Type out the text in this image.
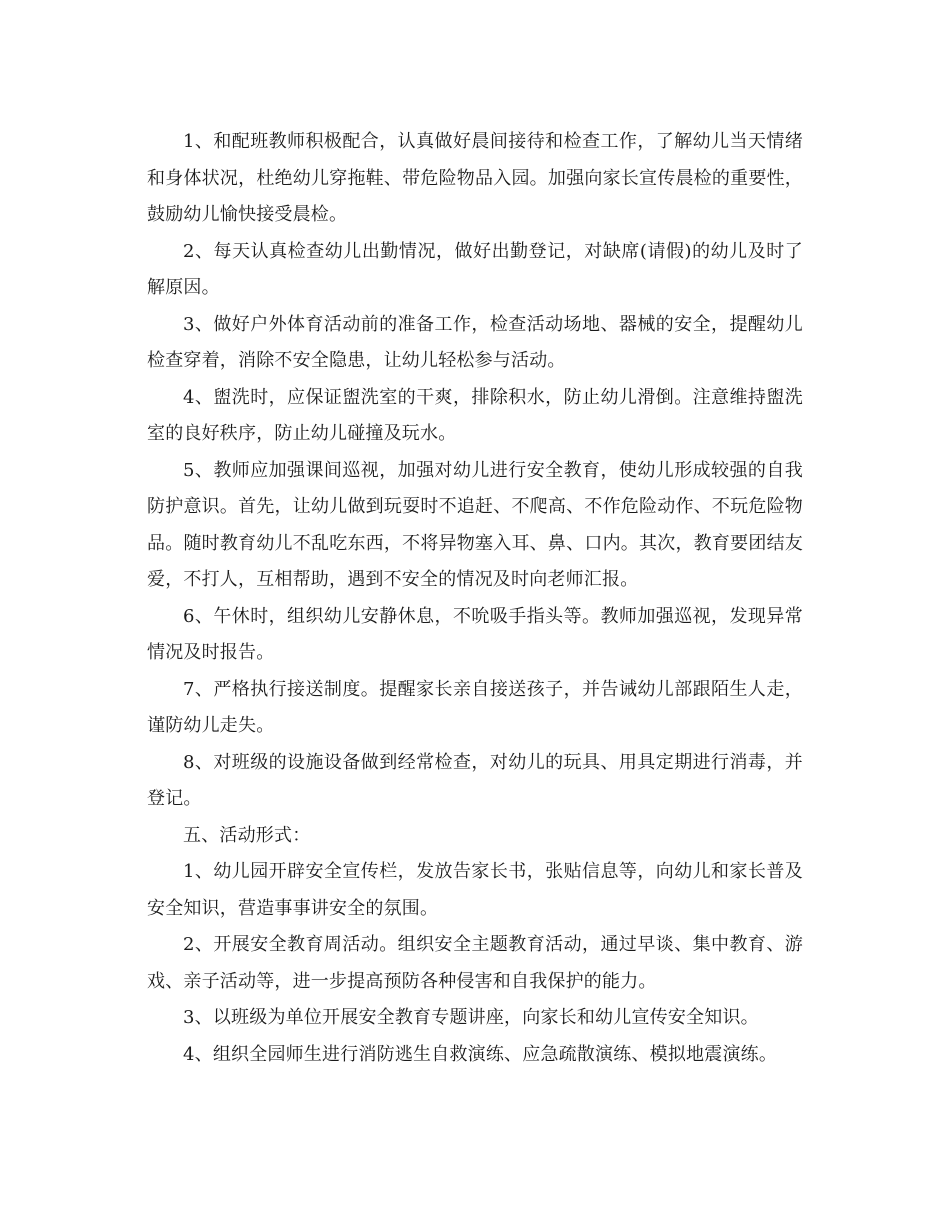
1、和配班教师积极配合，认真做好晨间接待和检查工作，了解幼儿当天情绪和身体状况，杜绝幼儿穿拖鞋、带危险物品入园。加强向家长宣传晨检的重要性，鼓励幼儿愉快接受晨检。

2、每天认真检查幼儿出勤情况，做好出勤登记，对缺席(请假)的幼儿及时了解原因。

3、做好户外体育活动前的准备工作，检查活动场地、器械的安全，提醒幼儿检查穿着，消除不安全隐患，让幼儿轻松参与活动。

4、盥洗时，应保证盥洗室的干爽，排除积水，防止幼儿滑倒。注意维持盥洗室的良好秩序，防止幼儿碰撞及玩水。

5、教师应加强课间巡视，加强对幼儿进行安全教育，使幼儿形成较强的自我防护意识。首先，让幼儿做到玩耍时不追赶、不爬高、不作危险动作、不玩危险物品。随时教育幼儿不乱吃东西，不将异物塞入耳、鼻、口内。其次，教育要团结友爱，不打人，互相帮助，遇到不安全的情况及时向老师汇报。

6、午休时，组织幼儿安静休息，不吮吸手指头等。教师加强巡视，发现异常情况及时报告。

7、严格执行接送制度。提醒家长亲自接送孩子，并告诫幼儿部跟陌生人走，谨防幼儿走失。

8、对班级的设施设备做到经常检查，对幼儿的玩具、用具定期进行消毒，并登记。

五、活动形式：

1、幼儿园开辟安全宣传栏，发放告家长书，张贴信息等，向幼儿和家长普及安全知识，营造事事讲安全的氛围。

2、开展安全教育周活动。组织安全主题教育活动，通过早谈、集中教育、游戏、亲子活动等，进一步提高预防各种侵害和自我保护的能力。

3、以班级为单位开展安全教育专题讲座，向家长和幼儿宣传安全知识。

4、组织全园师生进行消防逃生自救演练、应急疏散演练、模拟地震演练。
